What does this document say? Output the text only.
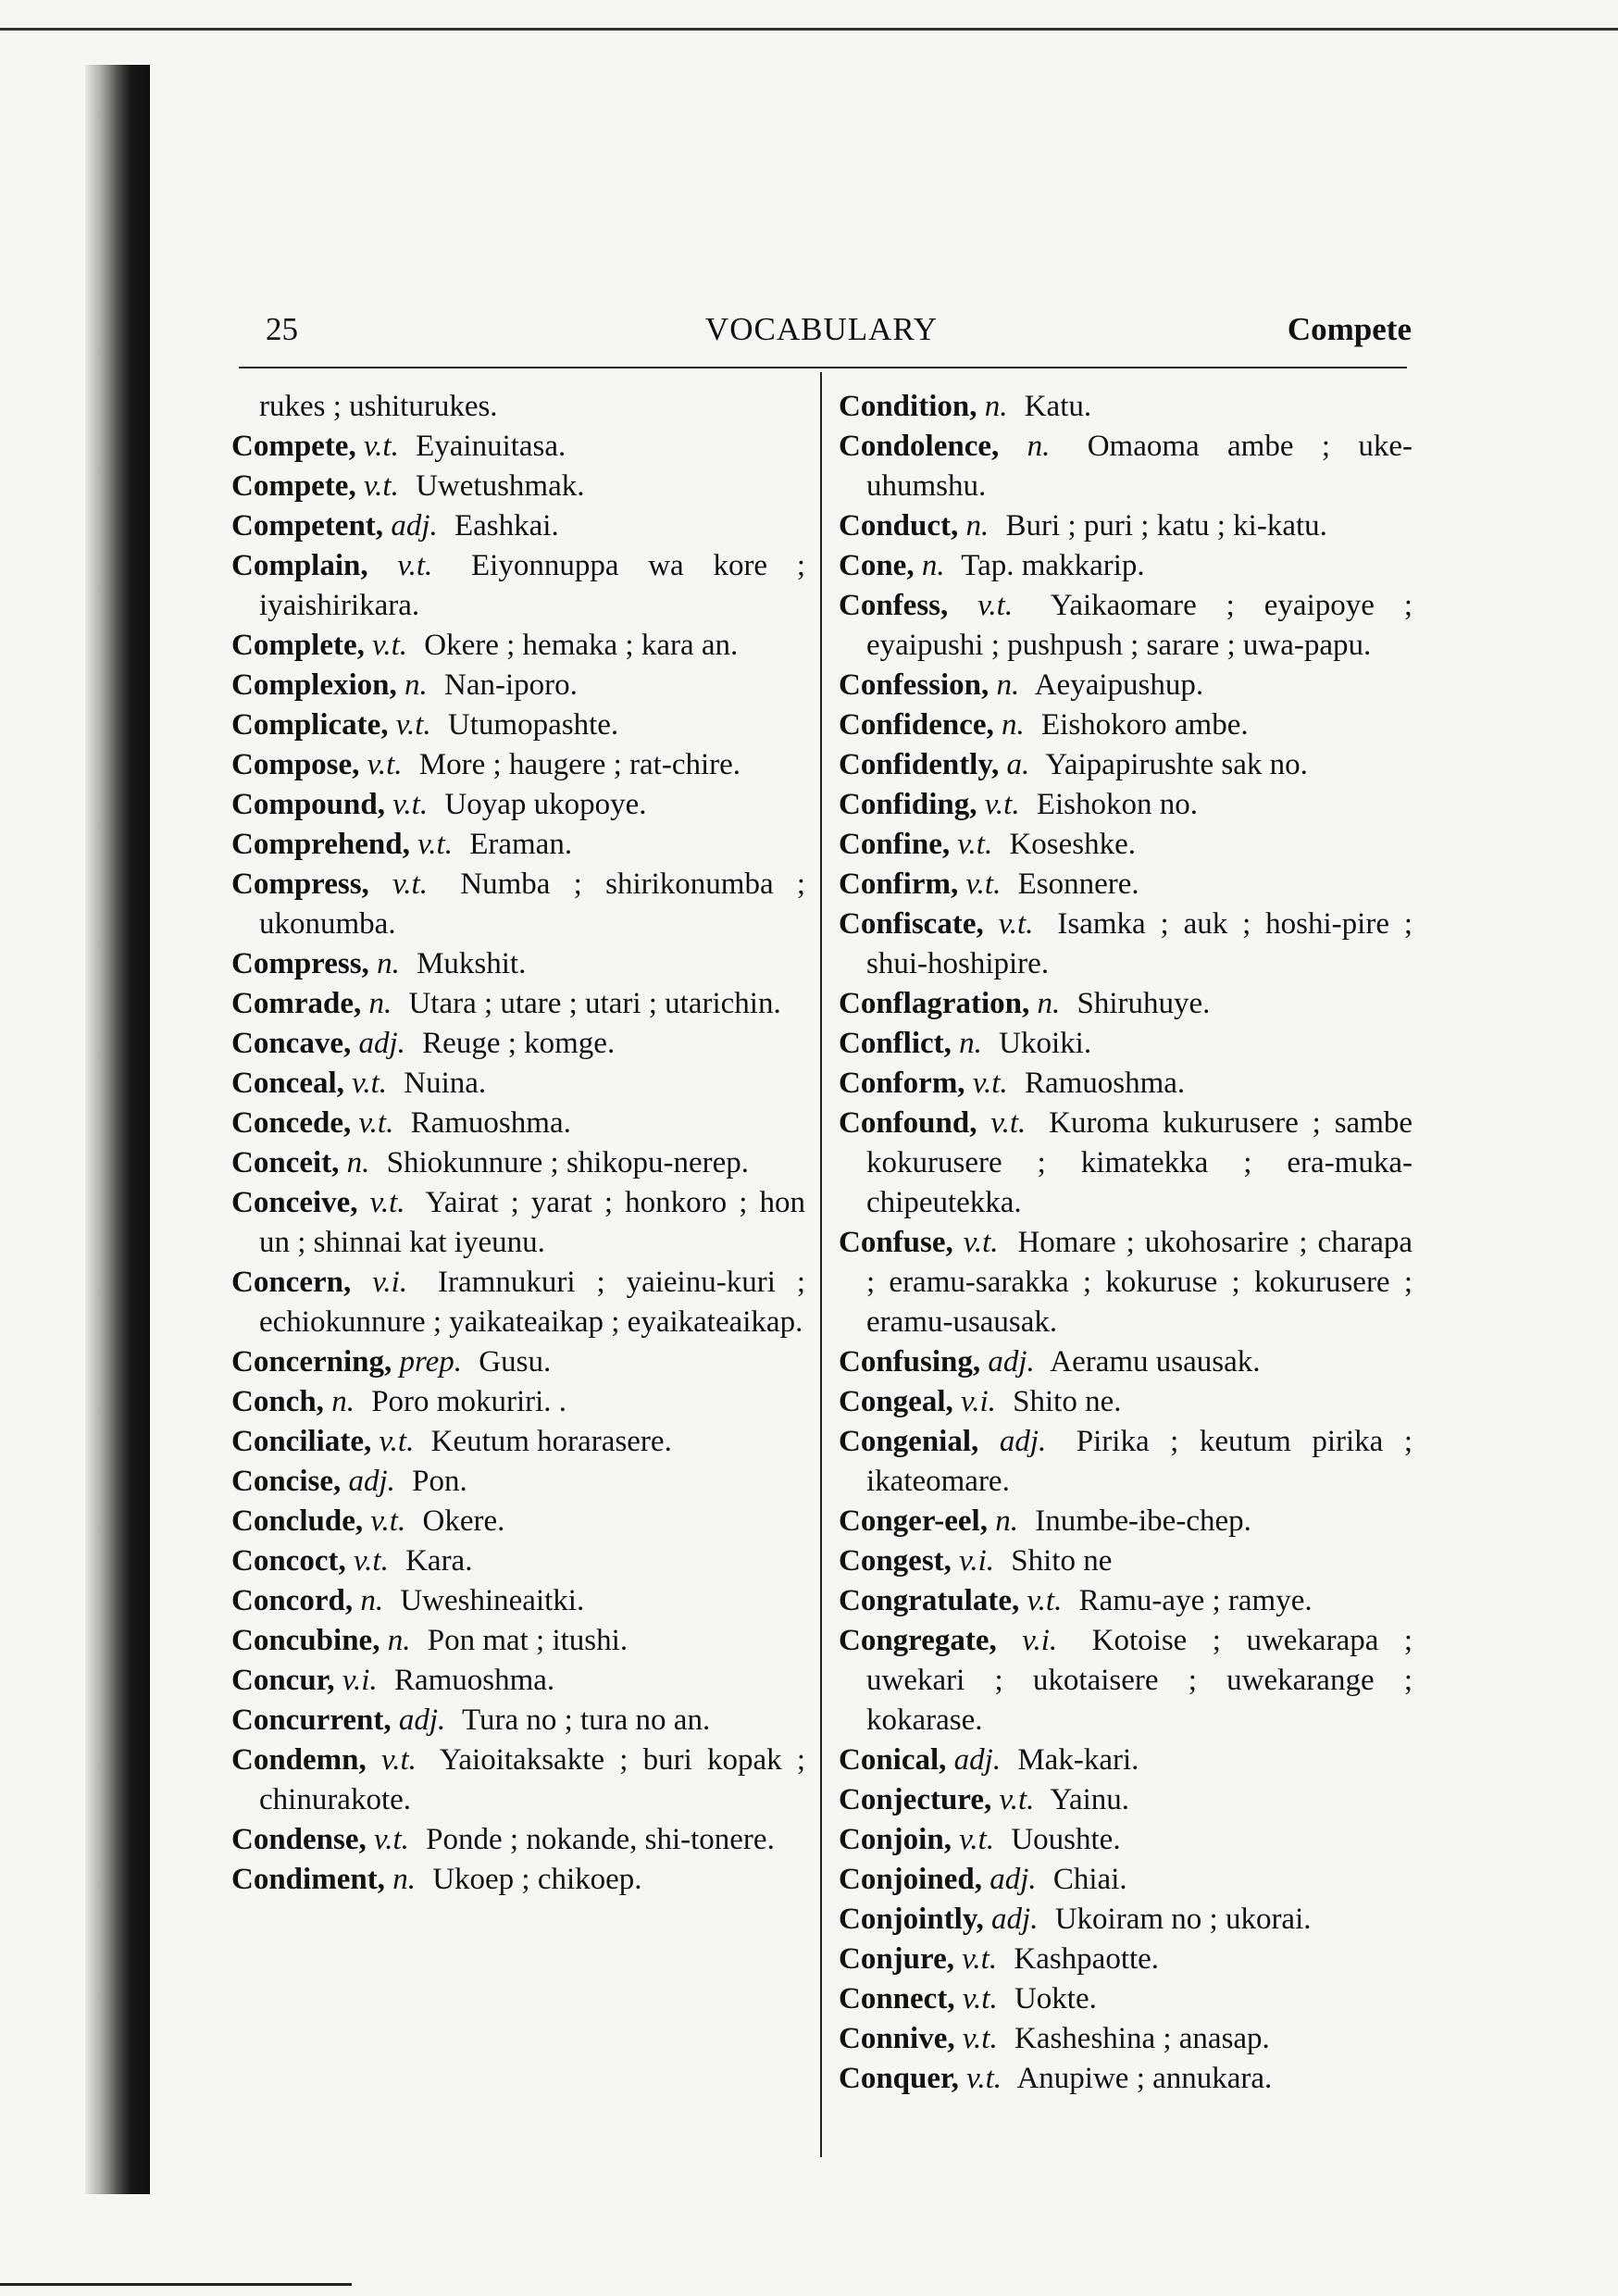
25	VOCABULARY	Compete
rukes ; ushiturukes.
Compete, v.t. Eyainuitasa.
Compete, v.t. Uwetushmak.
Competent, adj. Eashkai.
Complain, v.t. Eiyonnuppa wa kore ; iyaishirikara.
Complete, v.t. Okere ; hemaka ; kara an.
Complexion, n. Nan-iporo.
Complicate, v.t. Utumopashte.
Compose, v.t. More ; haugere ; rat-chire.
Compound, v.t. Uoyap ukopoye.
Comprehend, v.t. Eraman.
Compress, v.t. Numba ; shirikonumba ; ukonumba.
Compress, n. Mukshit.
Comrade, n. Utara ; utare ; utari ; utarichin.
Concave, adj. Reuge ; komge.
Conceal, v.t. Nuina.
Concede, v.t. Ramuoshma.
Conceit, n. Shiokunnure ; shikopu-nerep.
Conceive, v.t. Yairat ; yarat ; honkoro ; hon un ; shinnai kat iyeunu.
Concern, v.i. Iramnukuri ; yaieinu-kuri ; echiokunnure ; yaikateaikap ; eyaikateaikap.
Concerning, prep. Gusu.
Conch, n. Poro mokuriri. .
Conciliate, v.t. Keutum horarasere.
Concise, adj. Pon.
Conclude, v.t. Okere.
Concoct, v.t. Kara.
Concord, n. Uweshineaitki.
Concubine, n. Pon mat ; itushi.
Concur, v.i. Ramuoshma.
Concurrent, adj. Tura no ; tura no an.
Condemn, v.t. Yaioitaksakte ; buri kopak ; chinurakote.
Condense, v.t. Ponde ; nokande, shi-tonere.
Condiment, n. Ukoep ; chikoep.
Condition, n. Katu.
Condolence, n. Omaoma ambe ; uke-uhumshu.
Conduct, n. Buri ; puri ; katu ; ki-katu.
Cone, n. Tap. makkarip.
Confess, v.t. Yaikaomare ; eyaipoye ; eyaipushi ; pushpush ; sarare ; uwa-papu.
Confession, n. Aeyaipushup.
Confidence, n. Eishokoro ambe.
Confidently, a. Yaipapirushte sak no.
Confiding, v.t. Eishokon no.
Confine, v.t. Koseshke.
Confirm, v.t. Esonnere.
Confiscate, v.t. Isamka ; auk ; hoshi-pire ; shui-hoshipire.
Conflagration, n. Shiruhuye.
Conflict, n. Ukoiki.
Conform, v.t. Ramuoshma.
Confound, v.t. Kuroma kukurusere ; sambe kokurusere ; kimatekka ; era-muka-chipeutekka.
Confuse, v.t. Homare ; ukohosarire ; charapa ; eramu-sarakka ; kokuruse ; kokurusere ; eramu-usausak.
Confusing, adj. Aeramu usausak.
Congeal, v.i. Shito ne.
Congenial, adj. Pirika ; keutum pirika ; ikateomare.
Conger-eel, n. Inumbe-ibe-chep.
Congest, v.i. Shito ne
Congratulate, v.t. Ramu-aye ; ramye.
Congregate, v.i. Kotoise ; uwekarapa ; uwekari ; ukotaisere ; uwekarange ; kokarase.
Conical, adj. Mak-kari.
Conjecture, v.t. Yainu.
Conjoin, v.t. Uoushte.
Conjoined, adj. Chiai.
Conjointly, adj. Ukoiram no ; ukorai.
Conjure, v.t. Kashpaotte.
Connect, v.t. Uokte.
Connive, v.t. Kasheshina ; anasap.
Conquer, v.t. Anupiwe ; annukara.
